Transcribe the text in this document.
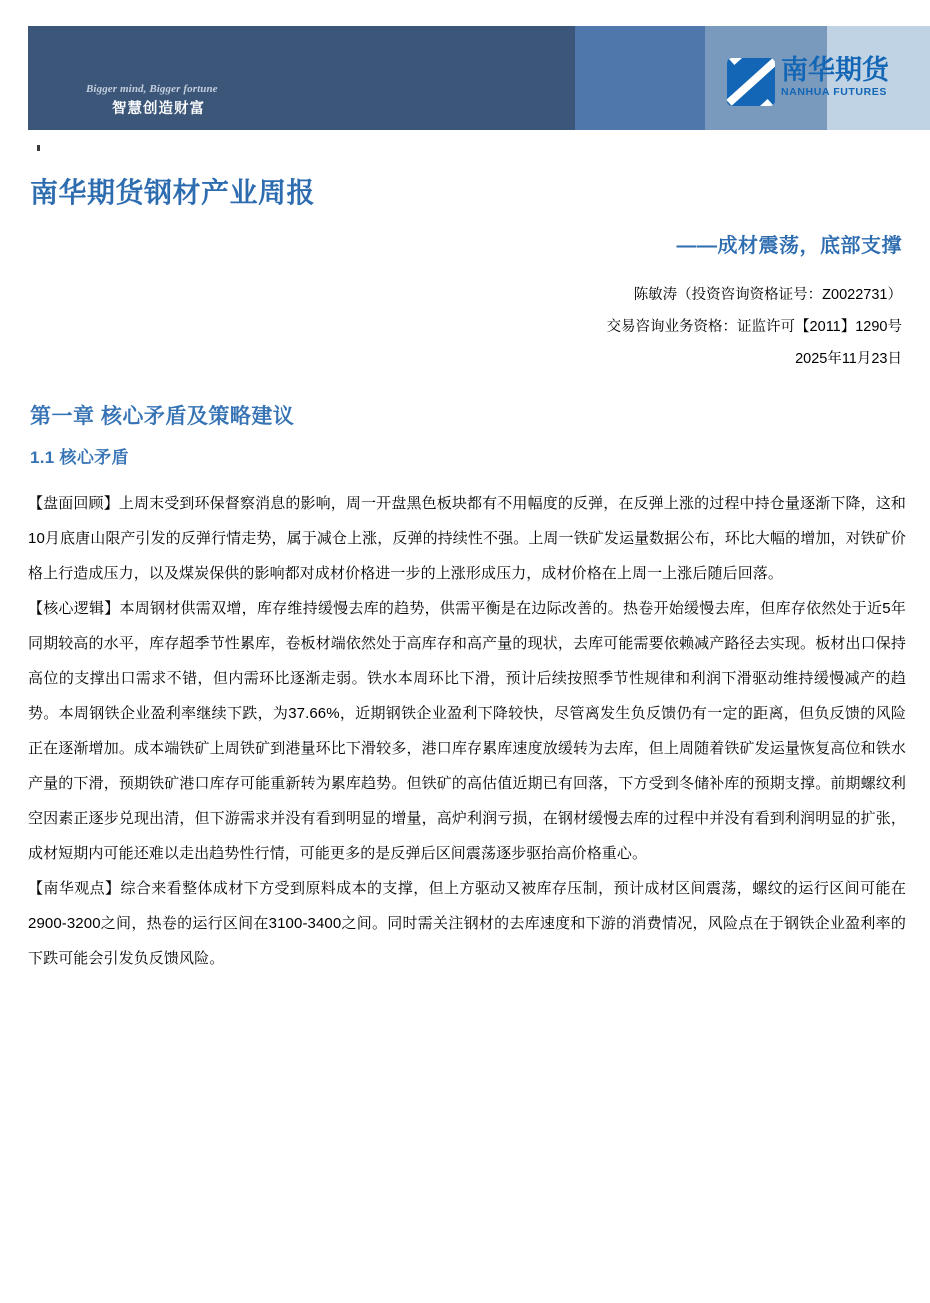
Bigger mind, Bigger fortune
智慧创造财富
南华期货
NANHUA FUTURES
南华期货钢材产业周报
——成材震荡，底部支撑
陈敏涛（投资咨询资格证号：Z0022731）
交易咨询业务资格：证监许可【2011】1290号
2025年11月23日
第一章 核心矛盾及策略建议
1.1 核心矛盾

【盘面回顾】上周末受到环保督察消息的影响，周一开盘黑色板块都有不用幅度的反弹，在反弹上涨的过程中持仓量逐渐下降，这和10月底唐山限产引发的反弹行情走势，属于减仓上涨，反弹的持续性不强。上周一铁矿发运量数据公布，环比大幅的增加，对铁矿价格上行造成压力，以及煤炭保供的影响都对成材价格进一步的上涨形成压力，成材价格在上周一上涨后随后回落。

【核心逻辑】本周钢材供需双增，库存维持缓慢去库的趋势，供需平衡是在边际改善的。热卷开始缓慢去库，但库存依然处于近5年同期较高的水平，库存超季节性累库，卷板材端依然处于高库存和高产量的现状，去库可能需要依赖减产路径去实现。板材出口保持高位的支撑出口需求不错，但内需环比逐渐走弱。铁水本周环比下滑，预计后续按照季节性规律和利润下滑驱动维持缓慢减产的趋势。本周钢铁企业盈利率继续下跌，为37.66%，近期钢铁企业盈利下降较快，尽管离发生负反馈仍有一定的距离，但负反馈的风险正在逐渐增加。成本端铁矿上周铁矿到港量环比下滑较多，港口库存累库速度放缓转为去库，但上周随着铁矿发运量恢复高位和铁水产量的下滑，预期铁矿港口库存可能重新转为累库趋势。但铁矿的高估值近期已有回落，下方受到冬储补库的预期支撑。前期螺纹利空因素正逐步兑现出清，但下游需求并没有看到明显的增量，高炉利润亏损，在钢材缓慢去库的过程中并没有看到利润明显的扩张，成材短期内可能还难以走出趋势性行情，可能更多的是反弹后区间震荡逐步驱抬高价格重心。

【南华观点】综合来看整体成材下方受到原料成本的支撑，但上方驱动又被库存压制，预计成材区间震荡，螺纹的运行区间可能在2900-3200之间，热卷的运行区间在3100-3400之间。同时需关注钢材的去库速度和下游的消费情况，风险点在于钢铁企业盈利率的下跌可能会引发负反馈风险。
